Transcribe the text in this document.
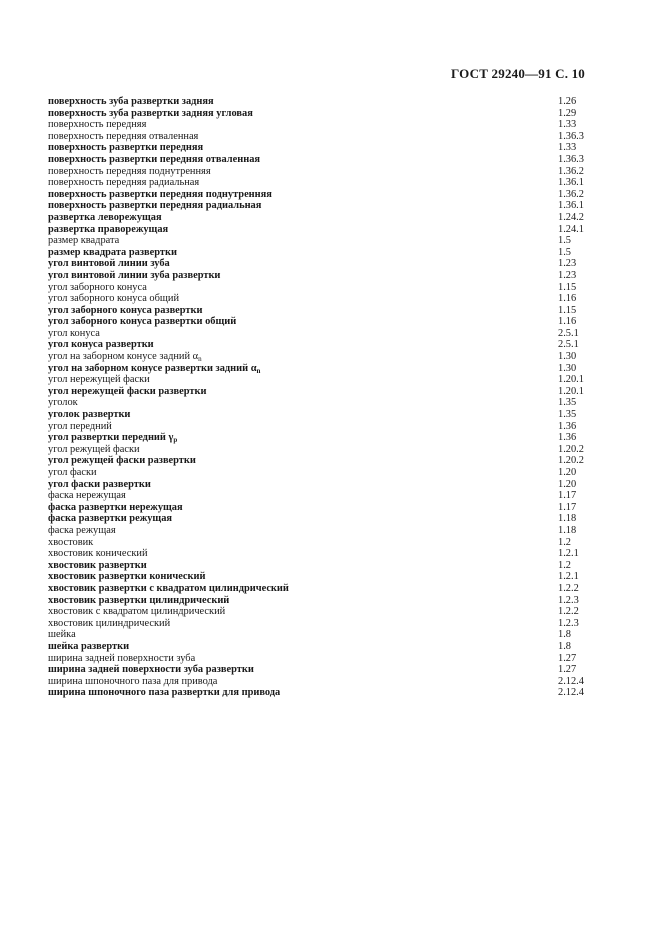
ГОСТ 29240—91 С. 10
поверхность зуба развертки задняя	1.26
поверхность зуба развертки задняя угловая	1.29
поверхность передняя	1.33
поверхность передняя отваленная	1.36.3
поверхность развертки передняя	1.33
поверхность развертки передняя отваленная	1.36.3
поверхность передняя поднутренняя	1.36.2
поверхность передняя радиальная	1.36.1
поверхность развертки передняя поднутренняя	1.36.2
поверхность развертки передняя радиальная	1.36.1
развертка леворежущая	1.24.2
развертка праворежущая	1.24.1
размер квадрата	1.5
размер квадрата развертки	1.5
угол винтовой линии зуба	1.23
угол винтовой линии зуба развертки	1.23
угол заборного конуса	1.15
угол заборного конуса общий	1.16
угол заборного конуса развертки	1.15
угол заборного конуса развертки общий	1.16
угол конуса	2.5.1
угол конуса развертки	2.5.1
угол на заборном конусе задний $\alpha_n$	1.30
угол на заборном конусе развертки задний $\alpha_n$	1.30
угол нережущей фаски	1.20.1
угол нережущей фаски развертки	1.20.1
уголок	1.35
уголок развертки	1.35
угол передний	1.36
угол развертки передний $\gamma_p$	1.36
угол режущей фаски	1.20.2
угол режущей фаски развертки	1.20.2
угол фаски	1.20
угол фаски развертки	1.20
фаска нережущая	1.17
фаска развертки нережущая	1.17
фаска развертки режущая	1.18
фаска режущая	1.18
хвостовик	1.2
хвостовик конический	1.2.1
хвостовик развертки	1.2
хвостовик развертки конический	1.2.1
хвостовик развертки с квадратом цилиндрический	1.2.2
хвостовик развертки цилиндрический	1.2.3
хвостовик с квадратом цилиндрический	1.2.2
хвостовик цилиндрический	1.2.3
шейка	1.8
шейка развертки	1.8
ширина задней поверхности зуба	1.27
ширина задней поверхности зуба развертки	1.27
ширина шпоночного паза для привода	2.12.4
ширина шпоночного паза развертки для привода	2.12.4
